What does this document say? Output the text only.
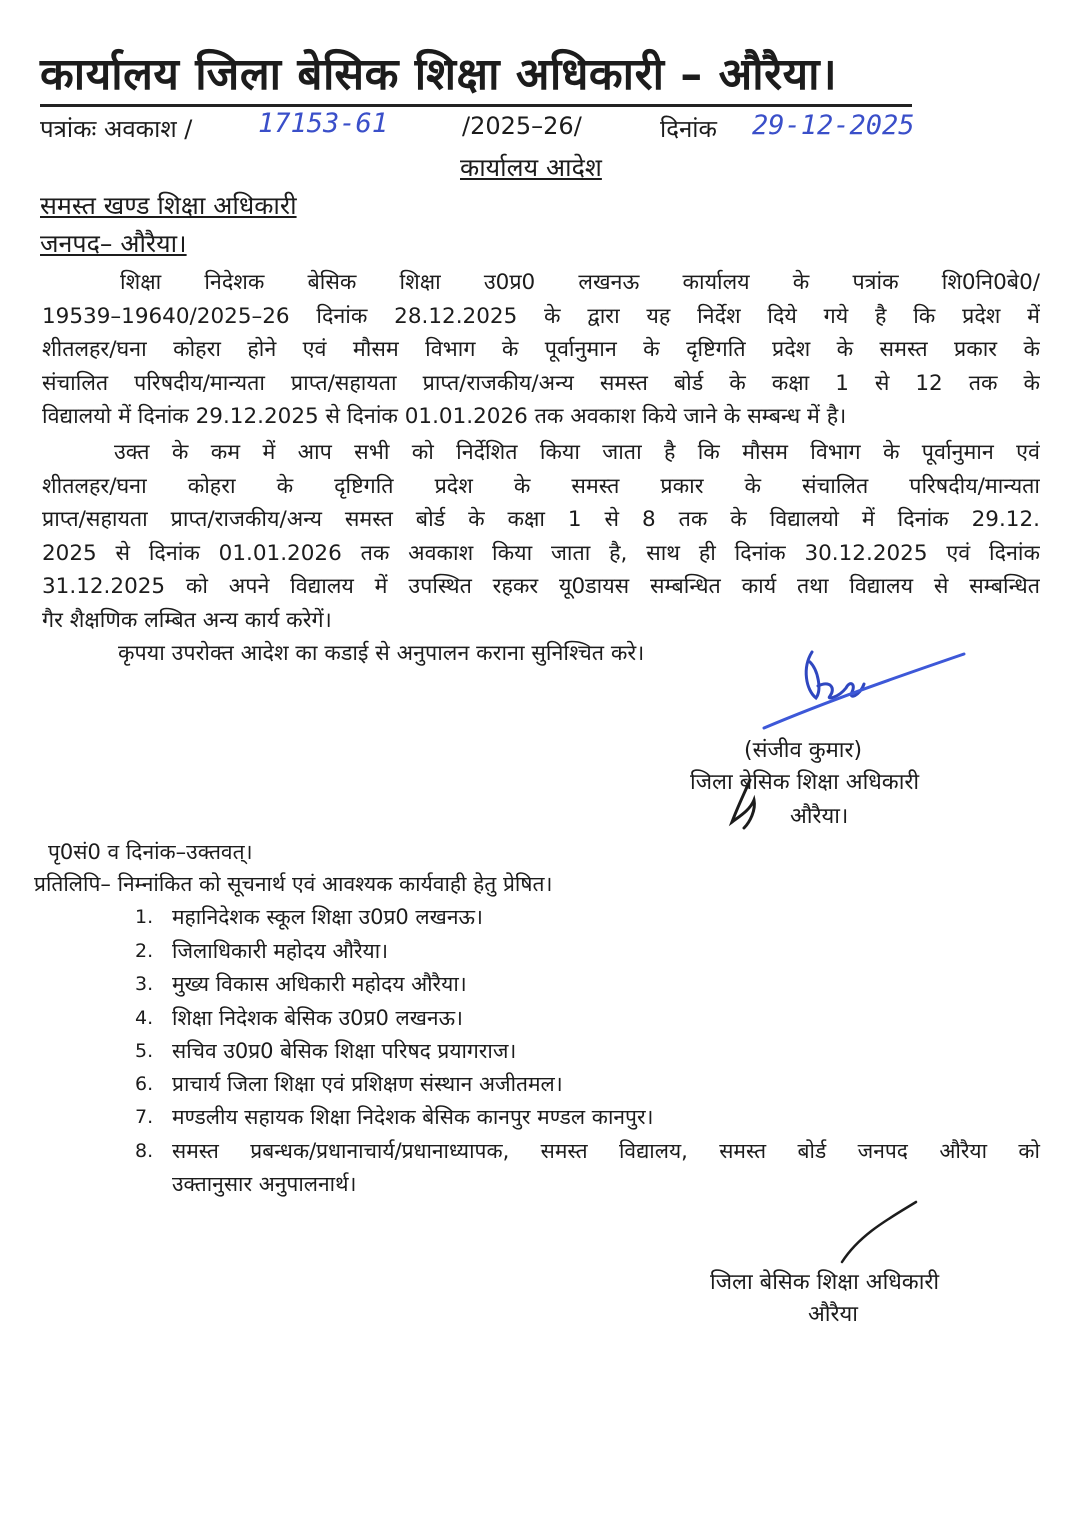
कार्यालय जिला बेसिक शिक्षा अधिकारी – औरैया।
पत्रांकः अवकाश / 17153-61	/2025–26/	दिनांक 29-12-2025
कार्यालय आदेश
समस्त खण्ड शिक्षा अधिकारी
जनपद– औरैया।
शिक्षा निदेशक बेसिक शिक्षा उ0प्र0 लखनऊ कार्यालय के पत्रांक शि0नि0बे0/
19539–19640/2025–26 दिनांक 28.12.2025 के द्वारा यह निर्देश दिये गये है कि प्रदेश में
शीतलहर/घना कोहरा होने एवं मौसम विभाग के पूर्वानुमान के दृष्टिगति प्रदेश के समस्त प्रकार के
संचालित परिषदीय/मान्यता प्राप्त/सहायता प्राप्त/राजकीय/अन्य समस्त बोर्ड के कक्षा 1 से 12 तक के
विद्यालयो में दिनांक 29.12.2025 से दिनांक 01.01.2026 तक अवकाश किये जाने के सम्बन्ध में है।
उक्त के कम में आप सभी को निर्देशित किया जाता है कि मौसम विभाग के पूर्वानुमान एवं
शीतलहर/घना कोहरा के दृष्टिगति प्रदेश के समस्त प्रकार के संचालित परिषदीय/मान्यता
प्राप्त/सहायता प्राप्त/राजकीय/अन्य समस्त बोर्ड के कक्षा 1 से 8 तक के विद्यालयो में दिनांक 29.12.
2025 से दिनांक 01.01.2026 तक अवकाश किया जाता है, साथ ही दिनांक 30.12.2025 एवं दिनांक
31.12.2025 को अपने विद्यालय में उपस्थित रहकर यू0डायस सम्बन्धित कार्य तथा विद्यालय से सम्बन्धित
गैर शैक्षणिक लम्बित अन्य कार्य करेगें।
कृपया उपरोक्त आदेश का कडाई से अनुपालन कराना सुनिश्चित करे।
(संजीव कुमार)
जिला बेसिक शिक्षा अधिकारी
औरैया।
पृ0सं0 व दिनांक–उक्तवत्।
प्रतिलिपि– निम्नांकित को सूचनार्थ एवं आवश्यक कार्यवाही हेतु प्रेषित।
1. महानिदेशक स्कूल शिक्षा उ0प्र0 लखनऊ।
2. जिलाधिकारी महोदय औरैया।
3. मुख्य विकास अधिकारी महोदय औरैया।
4. शिक्षा निदेशक बेसिक उ0प्र0 लखनऊ।
5. सचिव उ0प्र0 बेसिक शिक्षा परिषद प्रयागराज।
6. प्राचार्य जिला शिक्षा एवं प्रशिक्षण संस्थान अजीतमल।
7. मण्डलीय सहायक शिक्षा निदेशक बेसिक कानपुर मण्डल कानपुर।
8. समस्त प्रबन्धक/प्रधानाचार्य/प्रधानाध्यापक, समस्त विद्यालय, समस्त बोर्ड जनपद औरैया को
उक्तानुसार अनुपालनार्थ।
जिला बेसिक शिक्षा अधिकारी
औरैया
